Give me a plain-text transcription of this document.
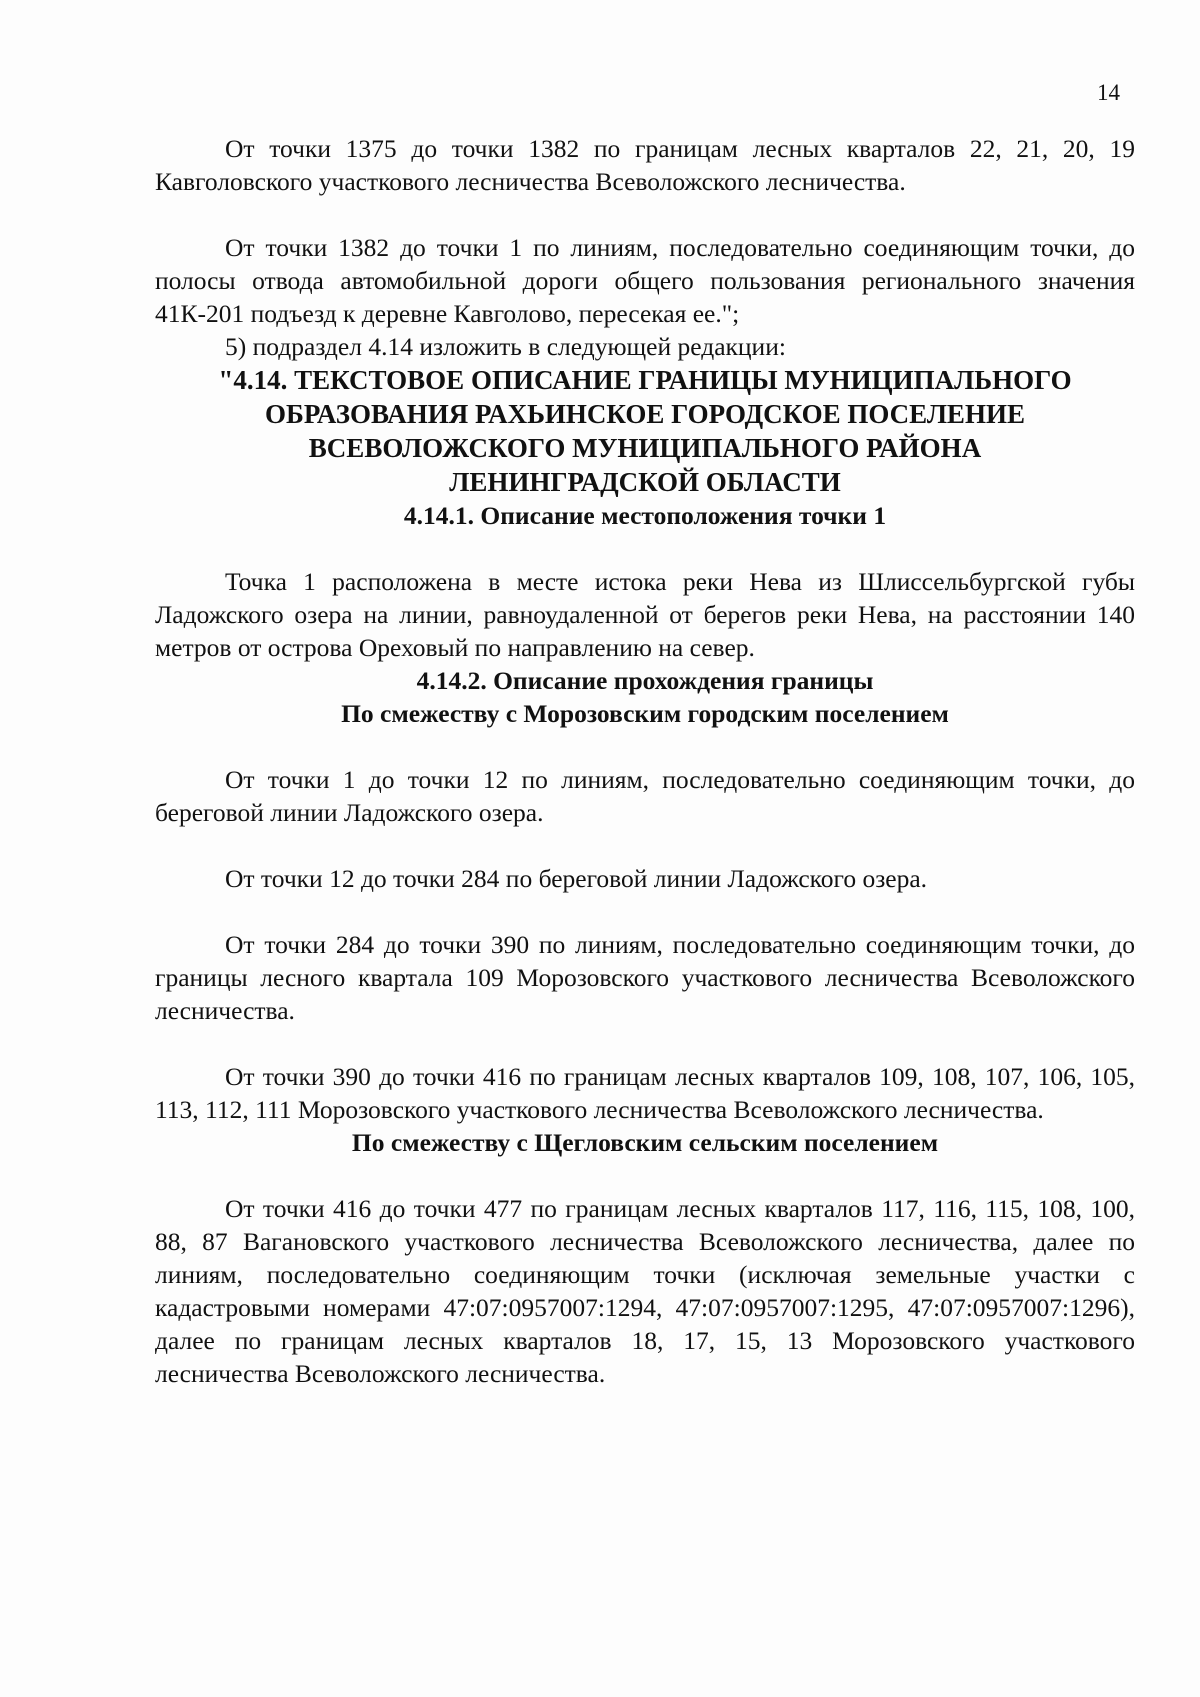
14

От точки 1375 до точки 1382 по границам лесных кварталов 22, 21, 20, 19 Кавголовского участкового лесничества Всеволожского лесничества.

От точки 1382 до точки 1 по линиям, последовательно соединяющим точки, до полосы отвода автомобильной дороги общего пользования регионального значения 41К-201 подъезд к деревне Кавголово, пересекая ее.";

5) подраздел 4.14 изложить в следующей редакции:

"4.14. ТЕКСТОВОЕ ОПИСАНИЕ ГРАНИЦЫ МУНИЦИПАЛЬНОГО

ОБРАЗОВАНИЯ РАХЬИНСКОЕ ГОРОДСКОЕ ПОСЕЛЕНИЕ

ВСЕВОЛОЖСКОГО МУНИЦИПАЛЬНОГО РАЙОНА

ЛЕНИНГРАДСКОЙ ОБЛАСТИ

4.14.1. Описание местоположения точки 1

Точка 1 расположена в месте истока реки Нева из Шлиссельбургской губы Ладожского озера на линии, равноудаленной от берегов реки Нева, на расстоянии 140 метров от острова Ореховый по направлению на север.

4.14.2. Описание прохождения границы

По смежеству с Морозовским городским поселением

От точки 1 до точки 12 по линиям, последовательно соединяющим точки, до береговой линии Ладожского озера.

От точки 12 до точки 284 по береговой линии Ладожского озера.

От точки 284 до точки 390 по линиям, последовательно соединяющим точки, до границы лесного квартала 109 Морозовского участкового лесничества Всеволожского лесничества.

От точки 390 до точки 416 по границам лесных кварталов 109, 108, 107, 106, 105, 113, 112, 111 Морозовского участкового лесничества Всеволожского лесничества.

По смежеству с Щегловским сельским поселением

От точки 416 до точки 477 по границам лесных кварталов 117, 116, 115, 108, 100, 88, 87 Вагановского участкового лесничества Всеволожского лесничества, далее по линиям, последовательно соединяющим точки (исключая земельные участки с кадастровыми номерами 47:07:0957007:1294, 47:07:0957007:1295, 47:07:0957007:1296), далее по границам лесных кварталов 18, 17, 15, 13 Морозовского участкового лесничества Всеволожского лесничества.
